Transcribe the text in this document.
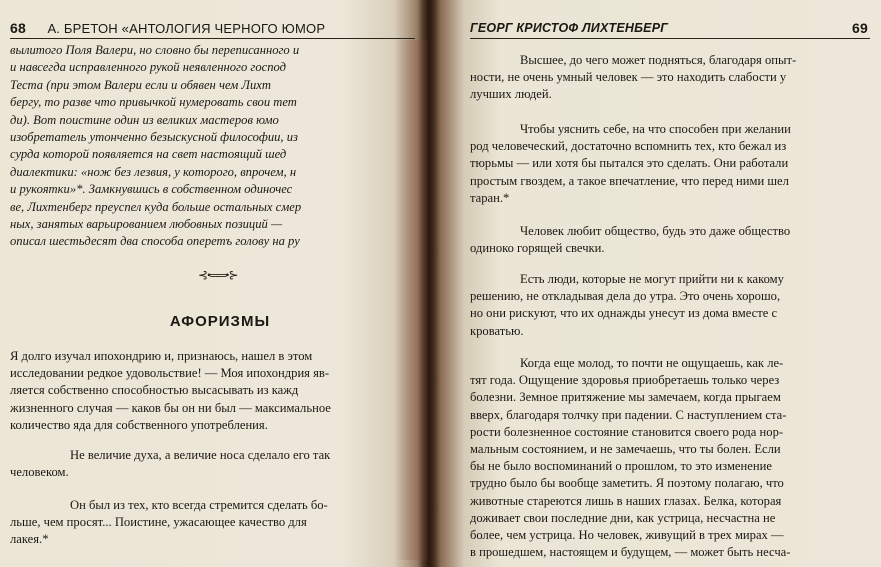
68 А. БРЕТОН «АНТОЛОГИЯ ЧЕРНОГО ЮМОР
вылитого Поля Валери, но словно бы переписанного и
и навсегда исправленного рукой неявленного господ
Теста (при этом Валери если и обявен чем Лихт
бергу, то разве что привычкой нумеровать свои тет
ди). Вот поистине один из великих мастеров юмо
изобретатель утонченно безыскусной философии, из
сурда которой появляется на свет настоящий шед
диалектики: «нож без лезвия, у которого, впрочем, н
и рукоятки»*. Замкнувшись в собственном одиночес
ве, Лихтенберг преуспел куда больше остальных смер
ных, занятых варьированием любовных позиций —
описал шестьдесят два способа оперетъ голову на ру
⊰•══•⊱
АФОРИЗМЫ
Я долго изучал ипохондрию и, признаюсь, нашел в этом
исследовании редкое удовольствие! — Моя ипохондрия яв-
ляется собственно способностью высасывать из кажд
жизненного случая — каков бы он ни был — максимальное
количество яда для собственного употребления.
Не величие духа, а величие носа сделало его так
человеком.
Он был из тех, кто всегда стремится сделать бо-
льше, чем просят... Поистине, ужасающее качество для
лакея.*
ГЕОРГ КРИСТОФ ЛИХТЕНБЕРГ	69
Высшее, до чего может подняться, благодаря опыт-
ности, не очень умный человек — это находить слабости у
лучших людей.
Чтобы уяснить себе, на что способен при желании
род человеческий, достаточно вспомнить тех, кто бежал из
тюрьмы — или хотя бы пытался это сделать. Они работали
простым гвоздем, а такое впечатление, что перед ними шел
таран.*
Человек любит общество, будь это даже общество
одиноко горящей свечки.
Есть люди, которые не могут прийти ни к какому
решению, не откладывая дела до утра. Это очень хорошо,
но они рискуют, что их однажды унесут из дома вместе с
кроватью.
Когда еще молод, то почти не ощущаешь, как ле-
тят года. Ощущение здоровья приобретаешь только через
болезни. Земное притяжение мы замечаем, когда прыгаем
вверх, благодаря толчку при падении. С наступлением ста-
рости болезненное состояние становится своего рода нор-
мальным состоянием, и не замечаешь, что ты болен. Если
бы не было воспоминаний о прошлом, то это изменение
трудно было бы вообще заметить. Я поэтому полагаю, что
животные стареются лишь в наших глазах. Белка, которая
доживает свои последние дни, как устрица, несчастна не
более, чем устрица. Но человек, живущий в трех мирах —
в прошедшем, настоящем и будущем, — может быть несча-
